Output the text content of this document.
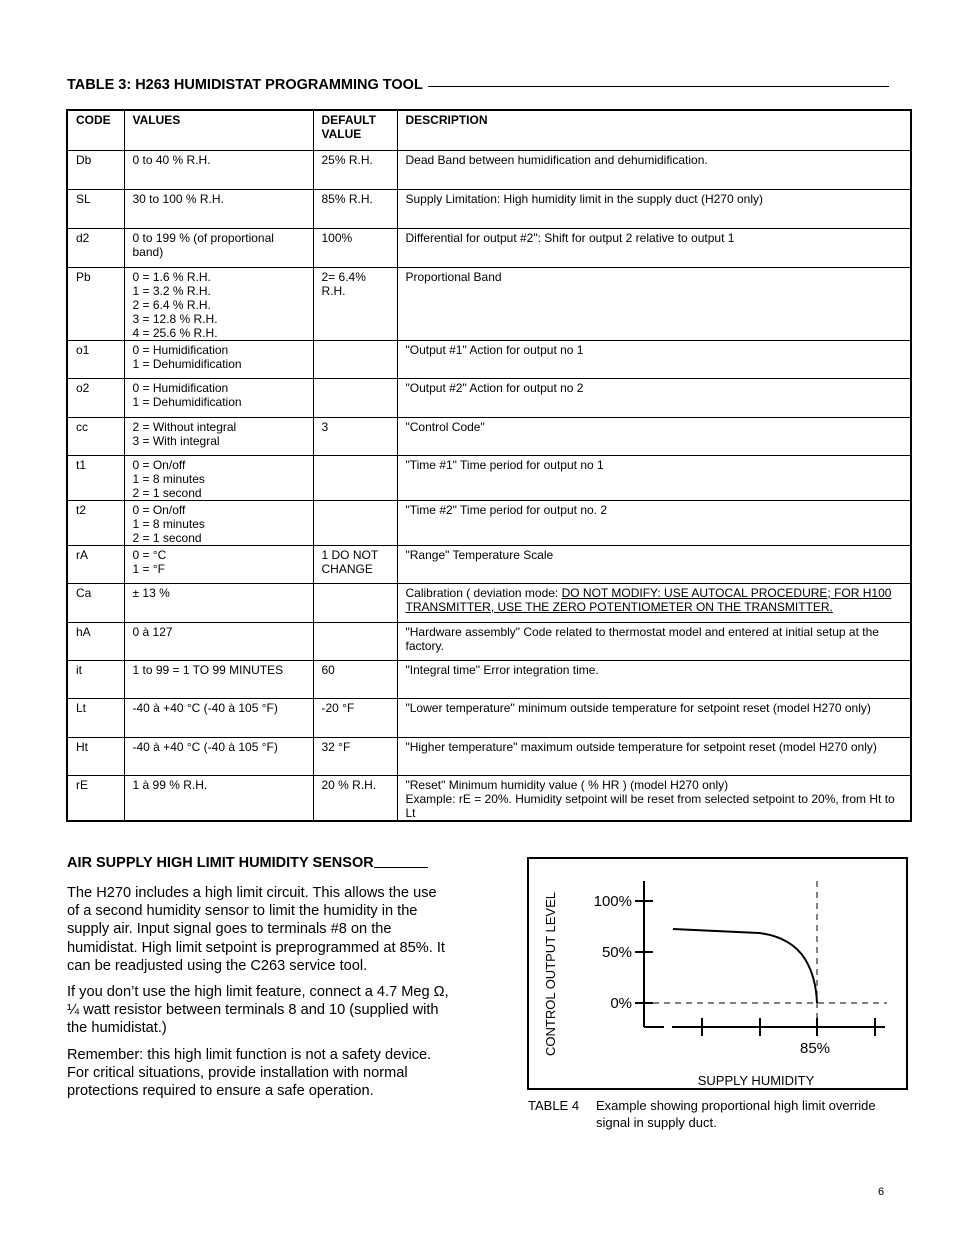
TABLE 3: H263 HUMIDISTAT PROGRAMMING TOOL
CODE	VALUES	DEFAULT
VALUE	DESCRIPTION
Db	0 to 40 % R.H.	25% R.H.	Dead Band between humidification and dehumidification.
SL	30 to 100 % R.H.	85% R.H.	Supply Limitation: High humidity limit in the supply duct (H270 only)
d2	0 to 199 % (of proportional
band)	100%	Differential for output #2": Shift for output 2 relative to output 1
Pb	0 = 1.6 % R.H.
1 = 3.2 % R.H.
2 = 6.4 % R.H.
3 = 12.8 % R.H.
4 = 25.6 % R.H.	2= 6.4%
R.H.	Proportional Band
o1	0 = Humidification
1 = Dehumidification		"Output #1" Action for output no 1
o2	0 = Humidification
1 = Dehumidification		"Output #2" Action for output no 2
cc	2 = Without integral
3 = With integral	3	"Control Code"
t1	0 = On/off
1 = 8 minutes
2 = 1 second		"Time #1" Time period for output no 1
t2	0 = On/off
1 = 8 minutes
2 = 1 second		"Time #2" Time period for output no. 2
rA	0 = °C
1 = °F	1 DO NOT
CHANGE	"Range" Temperature Scale
Ca	± 13 %		Calibration ( deviation mode: DO NOT MODIFY: USE AUTOCAL PROCEDURE; FOR H100 TRANSMITTER, USE THE ZERO POTENTIOMETER ON THE TRANSMITTER.
hA	0 à 127		"Hardware assembly" Code related to thermostat model and entered at initial setup at the factory.
it	1 to 99 = 1 TO 99 MINUTES	60	"Integral time" Error integration time.
Lt	-40 à +40 °C (-40 à 105 °F)	-20 °F	"Lower temperature" minimum outside temperature for setpoint reset (model H270 only)
Ht	-40 à +40 °C (-40 à 105 °F)	32 °F	"Higher temperature" maximum outside temperature for setpoint reset (model H270 only)
rE	1 à 99 % R.H.	20 % R.H.	"Reset" Minimum humidity value ( % HR ) (model H270 only)
Example: rE = 20%. Humidity setpoint will be reset from selected setpoint to 20%, from Ht to Lt
AIR SUPPLY HIGH LIMIT HUMIDITY SENSOR

The H270 includes a high limit circuit. This allows the use of a second humidity sensor to limit the humidity in the supply air. Input signal goes to terminals #8 on the humidistat. High limit setpoint is preprogrammed at 85%. It can be readjusted using the C263 service tool.

If you don’t use the high limit feature, connect a 4.7 Meg Ω, ¼ watt resistor between terminals 8 and 10 (supplied with the humidistat.)

Remember: this high limit function is not a safety device. For critical situations, provide installation with normal protections required to ensure a safe operation.

CONTROL OUTPUT LEVEL 100%
50%
0%
85%
SUPPLY HUMIDITY
TABLE 4 Example showing proportional high limit override signal in supply duct.
6
